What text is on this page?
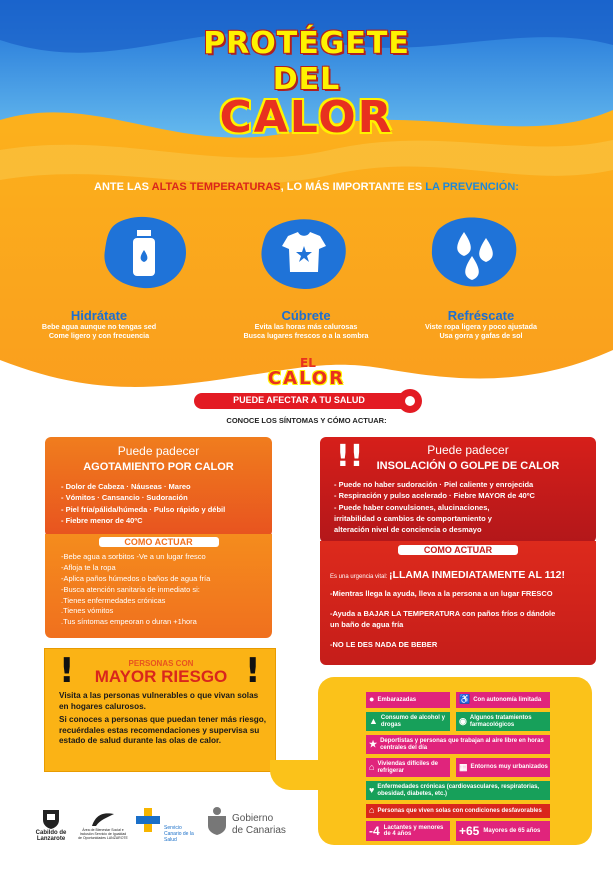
PROTÉGETE
DEL
CALOR
ANTE LAS ALTAS TEMPERATURAS, LO MÁS IMPORTANTE ES LA PREVENCIÓN:
Hidrátate
Bebe agua aunque no tengas sed
Come ligero y con frecuencia
Cúbrete
Evita las horas más calurosas
Busca lugares frescos o a la sombra
Refréscate
Viste ropa ligera y poco ajustada
Usa gorra y gafas de sol
EL
CALOR
PUEDE AFECTAR A TU SALUD
CONOCE LOS SÍNTOMAS Y CÓMO ACTUAR:
Puede padecer
AGOTAMIENTO POR CALOR
- Dolor de Cabeza · Náuseas · Mareo
- Vómitos · Cansancio · Sudoración
- Piel fría/pálida/húmeda · Pulso rápido y débil
- Fiebre menor de 40ºC
COMO ACTUAR
-Bebe agua a sorbitos -Ve a un lugar fresco
-Afloja te la ropa
-Aplica paños húmedos o baños de agua fría
-Busca atención sanitaria de inmediato si:
.Tienes enfermedades crónicas
.Tienes vómitos
.Tus síntomas empeoran o duran +1hora
!!	Puede padecer
INSOLACIÓN O GOLPE DE CALOR
- Puede no haber sudoración · Piel caliente y enrojecida
- Respiración y pulso acelerado · Fiebre MAYOR de 40ºC
- Puede haber convulsiones, alucinaciones,
irritabilidad o cambios de comportamiento y
alteración nivel de conciencia o desmayo
COMO ACTUAR
Es una urgencia vital: ¡LLAMA INMEDIATAMENTE AL 112!
-Mientras llega la ayuda, lleva a la persona a un lugar FRESCO
-Ayuda a BAJAR LA TEMPERATURA con paños fríos o dándole
un baño de agua fría
-NO LE DES NADA DE BEBER
!	!
PERSONAS CON
MAYOR RIESGO
Visita a las personas vulnerables o que vivan solas en hogares calurosos.
Si conoces a personas que puedan tener más riesgo, recuérdales estas recomendaciones y supervisa su estado de salud durante las olas de calor.
● Embarazadas	♿ Con autonomía limitada
▲ Consumo de alcohol y drogas	◉ Algunos tratamientos farmacológicos
★ Deportistas y personas que trabajan al aire libre en horas centrales del día
⌂ Viviendas difíciles de refrigerar	▦ Entornos muy urbanizados
♥ Enfermedades crónicas (cardiovasculares, respiratorias, obesidad, diabetes, etc.)
⌂ Personas que viven solas con condiciones desfavorables
-4 Lactantes y menores de 4 años	+65 Mayores de 65 años
Cabildo de Lanzarote
Área de Bienestar Social e Inclusión Servicio de Igualdad de Oportunidades LANZAROTE
Servicio
Canario de la Salud
Gobierno
de Canarias
